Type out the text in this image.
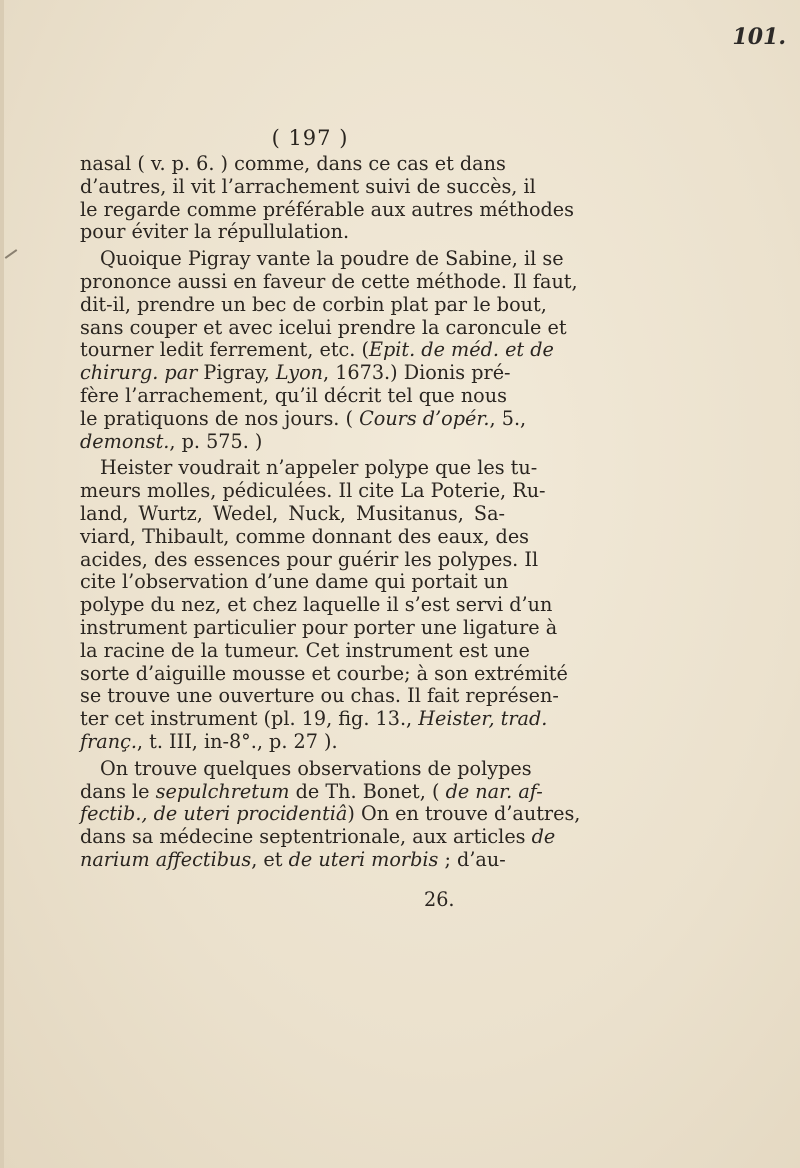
101.
( 197 )
nasal ( v. p. 6. ) comme, dans ce cas et dans
d’autres, il vit l’arrachement suivi de succès, il
le regarde comme préférable aux autres méthodes
pour éviter la répullulation.
Quoique Pigray vante la poudre de Sabine, il se
prononce aussi en faveur de cette méthode. Il faut,
dit-il, prendre un bec de corbin plat par le bout,
sans couper et avec icelui prendre la caroncule et
tourner ledit ferrement, etc. (Epit. de méd. et de
chirurg. par Pigray, Lyon, 1673.) Dionis pré-
fère l’arrachement, qu’il décrit tel que nous
le pratiquons de nos jours. ( Cours d’opér., 5.,
demonst., p. 575. )
Heister voudrait n’appeler polype que les tu-
meurs molles, pédiculées. Il cite La Poterie, Ru-
land, Wurtz, Wedel, Nuck, Musitanus, Sa-
viard, Thibault, comme donnant des eaux, des
acides, des essences pour guérir les polypes. Il
cite l’observation d’une dame qui portait un
polype du nez, et chez laquelle il s’est servi d’un
instrument particulier pour porter une ligature à
la racine de la tumeur. Cet instrument est une
sorte d’aiguille mousse et courbe; à son extrémité
se trouve une ouverture ou chas. Il fait représen-
ter cet instrument (pl. 19, fig. 13., Heister, trad.
franç., t. III, in-8°., p. 27 ).
On trouve quelques observations de polypes
dans le sepulchretum de Th. Bonet, ( de nar. af-
fectib., de uteri procidentiâ) On en trouve d’autres,
dans sa médecine septentrionale, aux articles de
narium affectibus, et de uteri morbis ; d’au-
26.
